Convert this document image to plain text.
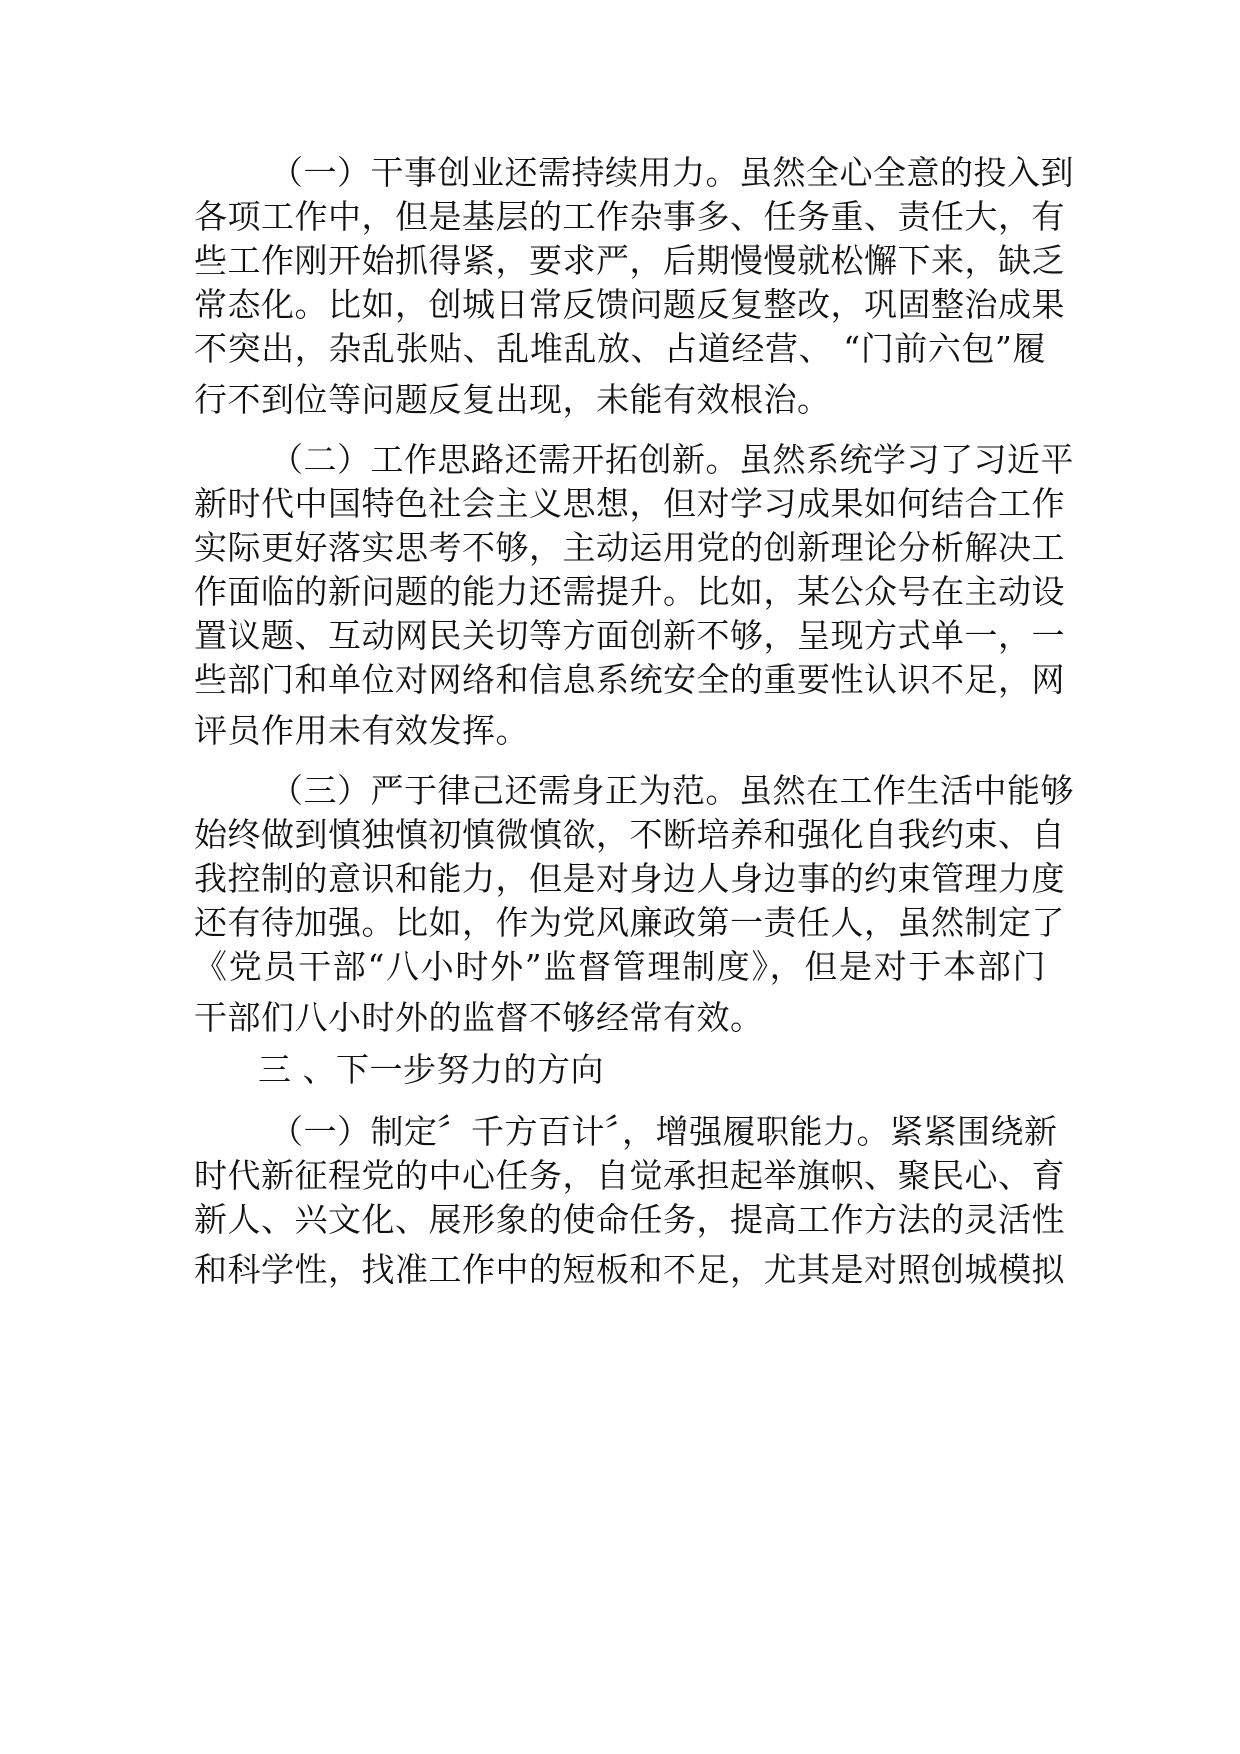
（一）干事创业还需持续用力。虽然全心全意的投入到
各项工作中，但是基层的工作杂事多、任务重、责任大，有
些工作刚开始抓得紧，要求严，后期慢慢就松懈下来，缺乏
常态化。比如，创城日常反馈问题反复整改，巩固整治成果
不突出，杂乱张贴、乱堆乱放、占道经营、 “门前六包”履
行不到位等问题反复出现，未能有效根治。
（二）工作思路还需开拓创新。虽然系统学习了习近平
新时代中国特色社会主义思想，但对学习成果如何结合工作
实际更好落实思考不够，主动运用党的创新理论分析解决工
作面临的新问题的能力还需提升。比如，某公众号在主动设
置议题、互动网民关切等方面创新不够，呈现方式单一，一
些部门和单位对网络和信息系统安全的重要性认识不足，网
评员作用未有效发挥。
（三）严于律己还需身正为范。虽然在工作生活中能够
始终做到慎独慎初慎微慎欲，不断培养和强化自我约束、自
我控制的意识和能力，但是对身边人身边事的约束管理力度
还有待加强。比如，作为党风廉政第一责任人，虽然制定了
《党员干部“八小时外”监督管理制度》，但是对于本部门
干部们八小时外的监督不够经常有效。
三 、下一步努力的方向
（一）制定〞千方百计〞，增强履职能力。紧紧围绕新
时代新征程党的中心任务，自觉承担起举旗帜、聚民心、育
新人、兴文化、展形象的使命任务，提高工作方法的灵活性
和科学性，找准工作中的短板和不足，尤其是对照创城模拟
